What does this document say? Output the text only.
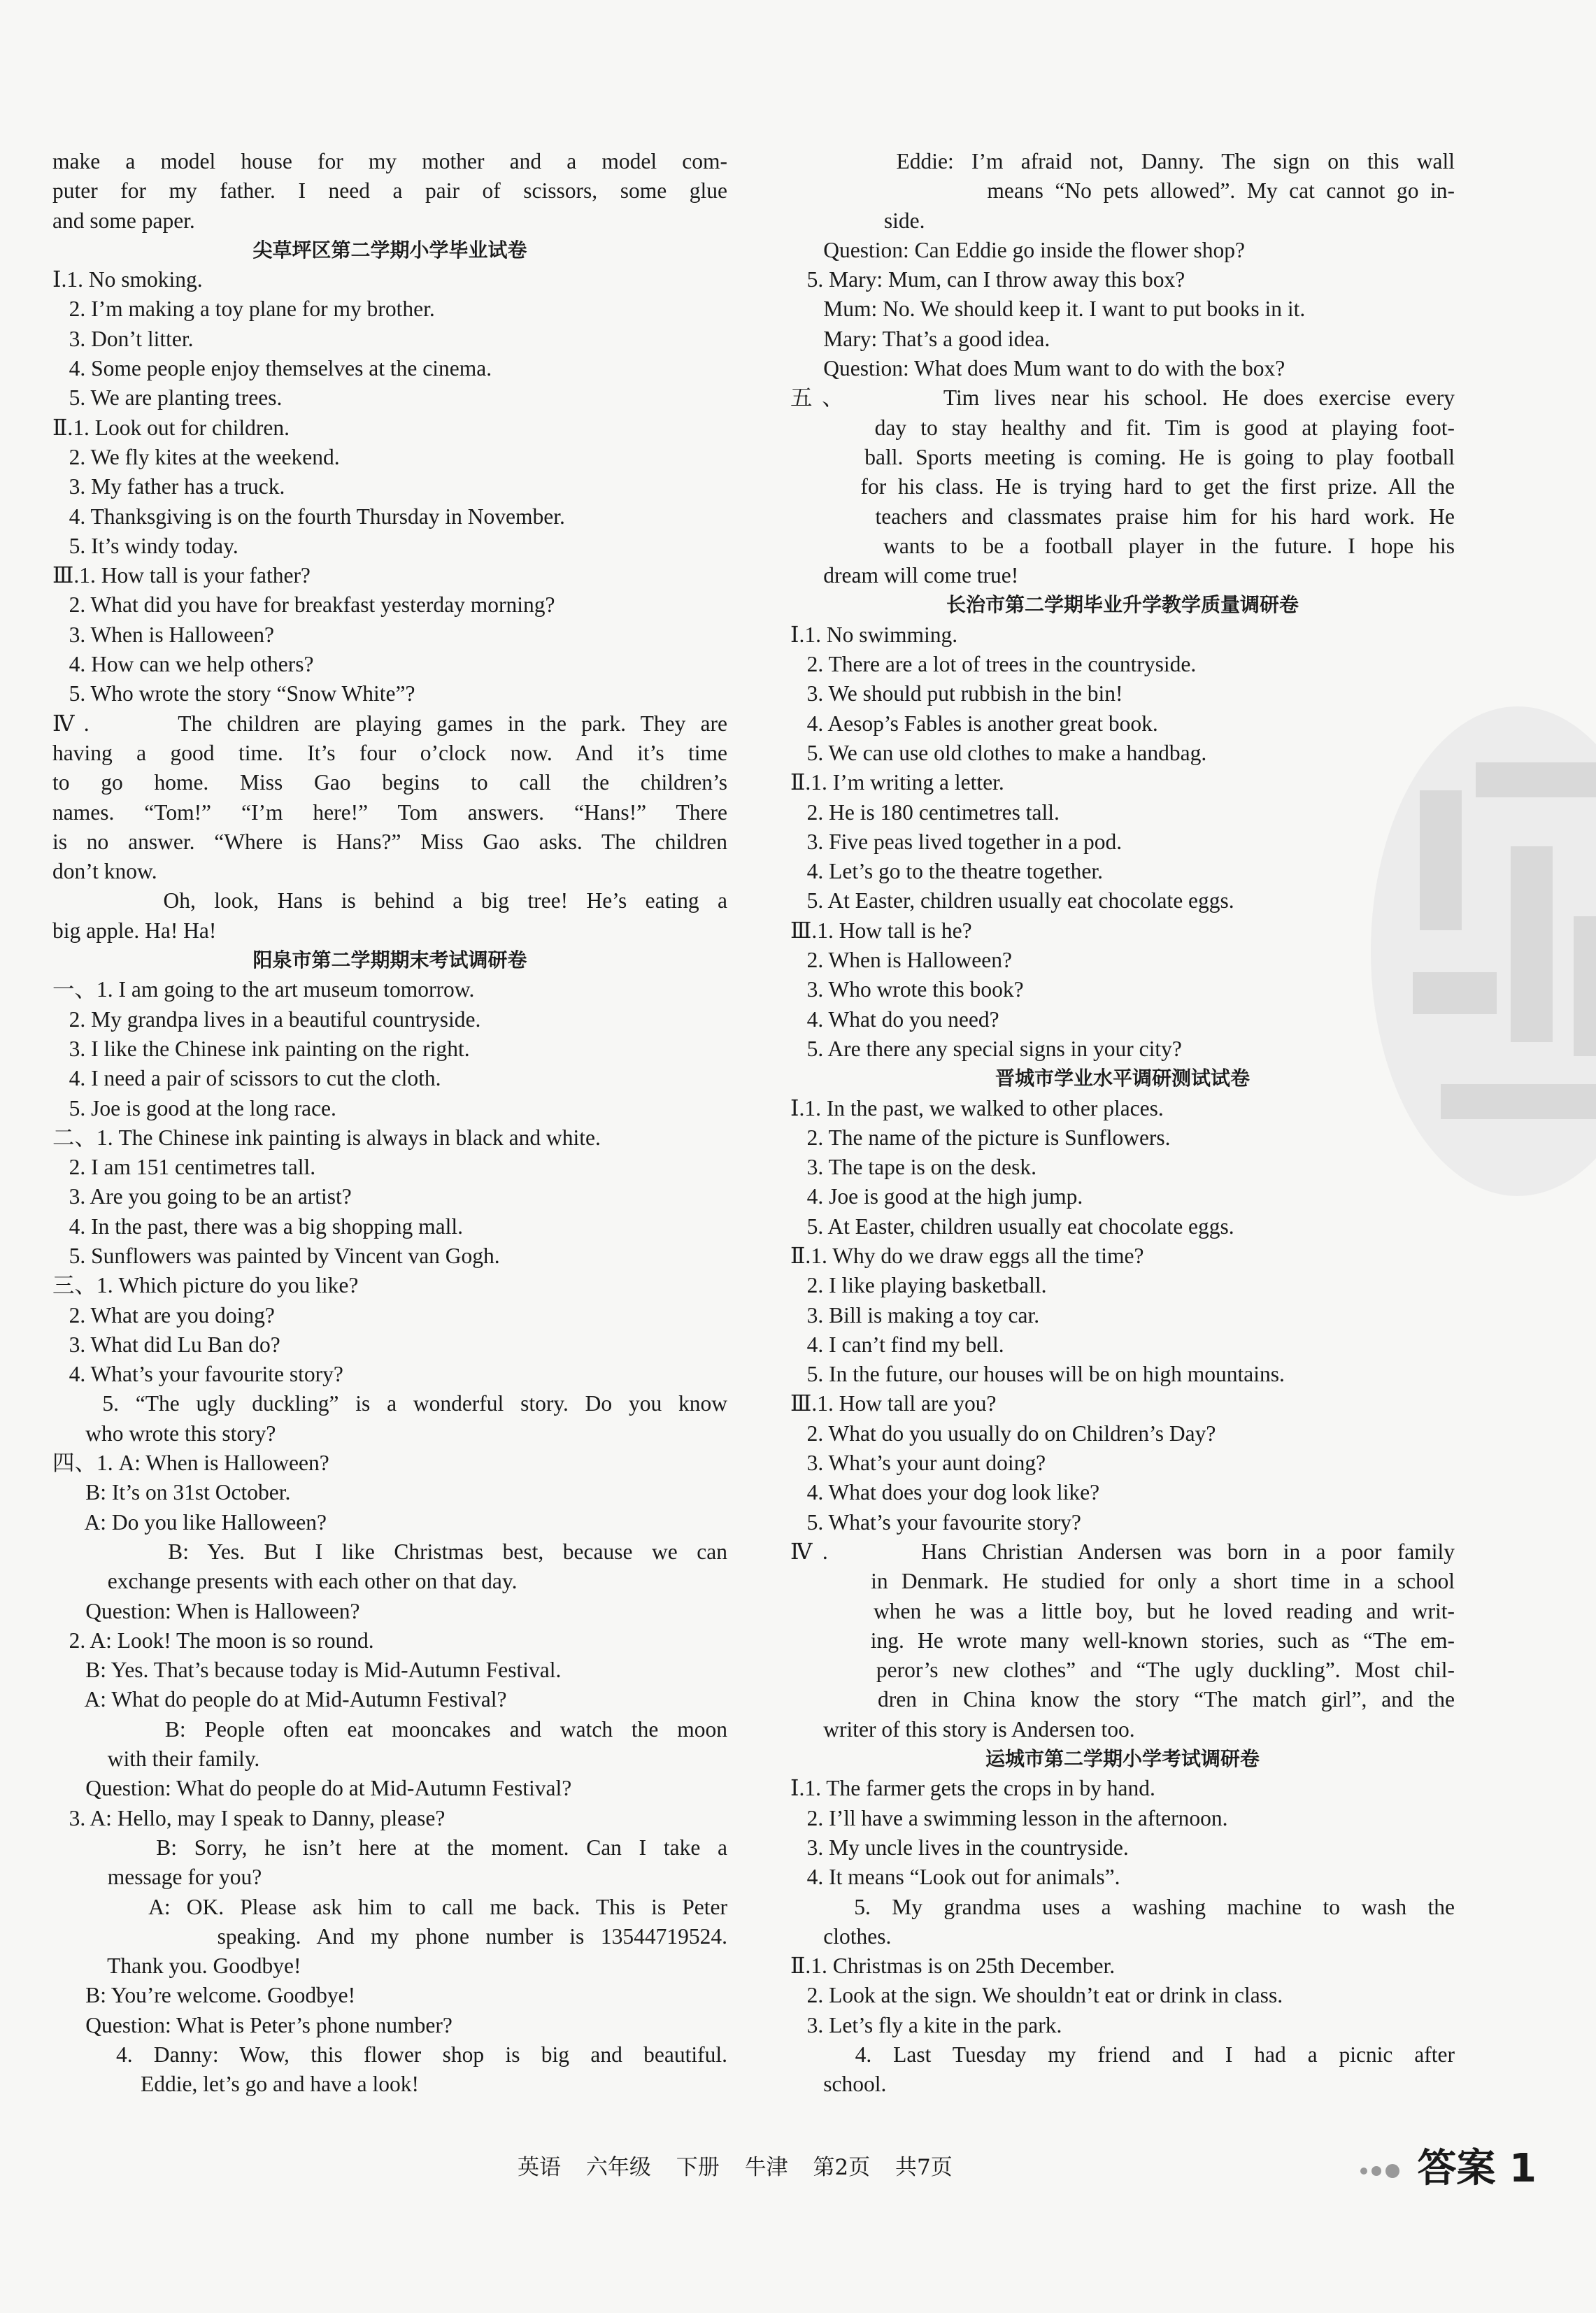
make a model house for my mother and a model com-
puter for my father. I need a pair of scissors, some glue
and some paper.
尖草坪区第二学期小学毕业试卷
Ⅰ.1. No smoking.
2. I’m making a toy plane for my brother.
3. Don’t litter.
4. Some people enjoy themselves at the cinema.
5. We are planting trees.
Ⅱ.1. Look out for children.
2. We fly kites at the weekend.
3. My father has a truck.
4. Thanksgiving is on the fourth Thursday in November.
5. It’s windy today.
Ⅲ.1. How tall is your father?
2. What did you have for breakfast yesterday morning?
3. When is Halloween?
4. How can we help others?
5. Who wrote the story “Snow White”?
Ⅳ.      The children are playing games in the park. They are
having a good time. It’s four o’clock now. And it’s time
to go home. Miss Gao begins to call the children’s
names. “Tom!” “I’m here!” Tom answers. “Hans!” There
is no answer. “Where is Hans?” Miss Gao asks. The children
don’t know.
Oh, look, Hans is behind a big tree! He’s eating a
big apple. Ha! Ha!
阳泉市第二学期期末考试调研卷
一、1. I am going to the art museum tomorrow.
2. My grandpa lives in a beautiful countryside.
3. I like the Chinese ink painting on the right.
4. I need a pair of scissors to cut the cloth.
5. Joe is good at the long race.
二、1. The Chinese ink painting is always in black and white.
2. I am 151 centimetres tall.
3. Are you going to be an artist?
4. In the past, there was a big shopping mall.
5. Sunflowers was painted by Vincent van Gogh.
三、1. Which picture do you like?
2. What are you doing?
3. What did Lu Ban do?
4. What’s your favourite story?
5. “The ugly duckling” is a wonderful story. Do you know
who wrote this story?
四、1. A: When is Halloween?
B: It’s on 31st October.
A: Do you like Halloween?
B: Yes. But I like Christmas best, because we can
exchange presents with each other on that day.
Question: When is Halloween?
2. A: Look! The moon is so round.
B: Yes. That’s because today is Mid-Autumn Festival.
A: What do people do at Mid-Autumn Festival?
B: People often eat mooncakes and watch the moon
with their family.
Question: What do people do at Mid-Autumn Festival?
3. A: Hello, may I speak to Danny, please?
B: Sorry, he isn’t here at the moment. Can I take a
message for you?
A: OK. Please ask him to call me back. This is Peter
speaking. And my phone number is 13544719524.
Thank you. Goodbye!
B: You’re welcome. Goodbye!
Question: What is Peter’s phone number?
4. Danny: Wow, this flower shop is big and beautiful.
Eddie, let’s go and have a look!
Eddie: I’m afraid not, Danny. The sign on this wall
means “No pets allowed”. My cat cannot go in-
side.
Question: Can Eddie go inside the flower shop?
5. Mary: Mum, can I throw away this box?
Mum: No. We should keep it. I want to put books in it.
Mary: That’s a good idea.
Question: What does Mum want to do with the box?
五、      Tim lives near his school. He does exercise every
day to stay healthy and fit. Tim is good at playing foot-
ball. Sports meeting is coming. He is going to play football
for his class. He is trying hard to get the first prize. All the
teachers and classmates praise him for his hard work. He
wants to be a football player in the future. I hope his
dream will come true!
长治市第二学期毕业升学教学质量调研卷
Ⅰ.1. No swimming.
2. There are a lot of trees in the countryside.
3. We should put rubbish in the bin!
4. Aesop’s Fables is another great book.
5. We can use old clothes to make a handbag.
Ⅱ.1. I’m writing a letter.
2. He is 180 centimetres tall.
3. Five peas lived together in a pod.
4. Let’s go to the theatre together.
5. At Easter, children usually eat chocolate eggs.
Ⅲ.1. How tall is he?
2. When is Halloween?
3. Who wrote this book?
4. What do you need?
5. Are there any special signs in your city?
晋城市学业水平调研测试试卷
Ⅰ.1. In the past, we walked to other places.
2. The name of the picture is Sunflowers.
3. The tape is on the desk.
4. Joe is good at the high jump.
5. At Easter, children usually eat chocolate eggs.
Ⅱ.1. Why do we draw eggs all the time?
2. I like playing basketball.
3. Bill is making a toy car.
4. I can’t find my bell.
5. In the future, our houses will be on high mountains.
Ⅲ.1. How tall are you?
2. What do you usually do on Children’s Day?
3. What’s your aunt doing?
4. What does your dog look like?
5. What’s your favourite story?
Ⅳ.      Hans Christian Andersen was born in a poor family
in Denmark. He studied for only a short time in a school
when he was a little boy, but he loved reading and writ-
ing. He wrote many well-known stories, such as “The em-
peror’s new clothes” and “The ugly duckling”. Most chil-
dren in China know the story “The match girl”, and the
writer of this story is Andersen too.
运城市第二学期小学考试调研卷
Ⅰ.1. The farmer gets the crops in by hand.
2. I’ll have a swimming lesson in the afternoon.
3. My uncle lives in the countryside.
4. It means “Look out for animals”.
5. My grandma uses a washing machine to wash the
clothes.
Ⅱ.1. Christmas is on 25th December.
2. Look at the sign. We shouldn’t eat or drink in class.
3. Let’s fly a kite in the park.
4. Last Tuesday my friend and I had a picnic after
school.
英语 六年级 下册 牛津 第2页 共7页	答案 1
